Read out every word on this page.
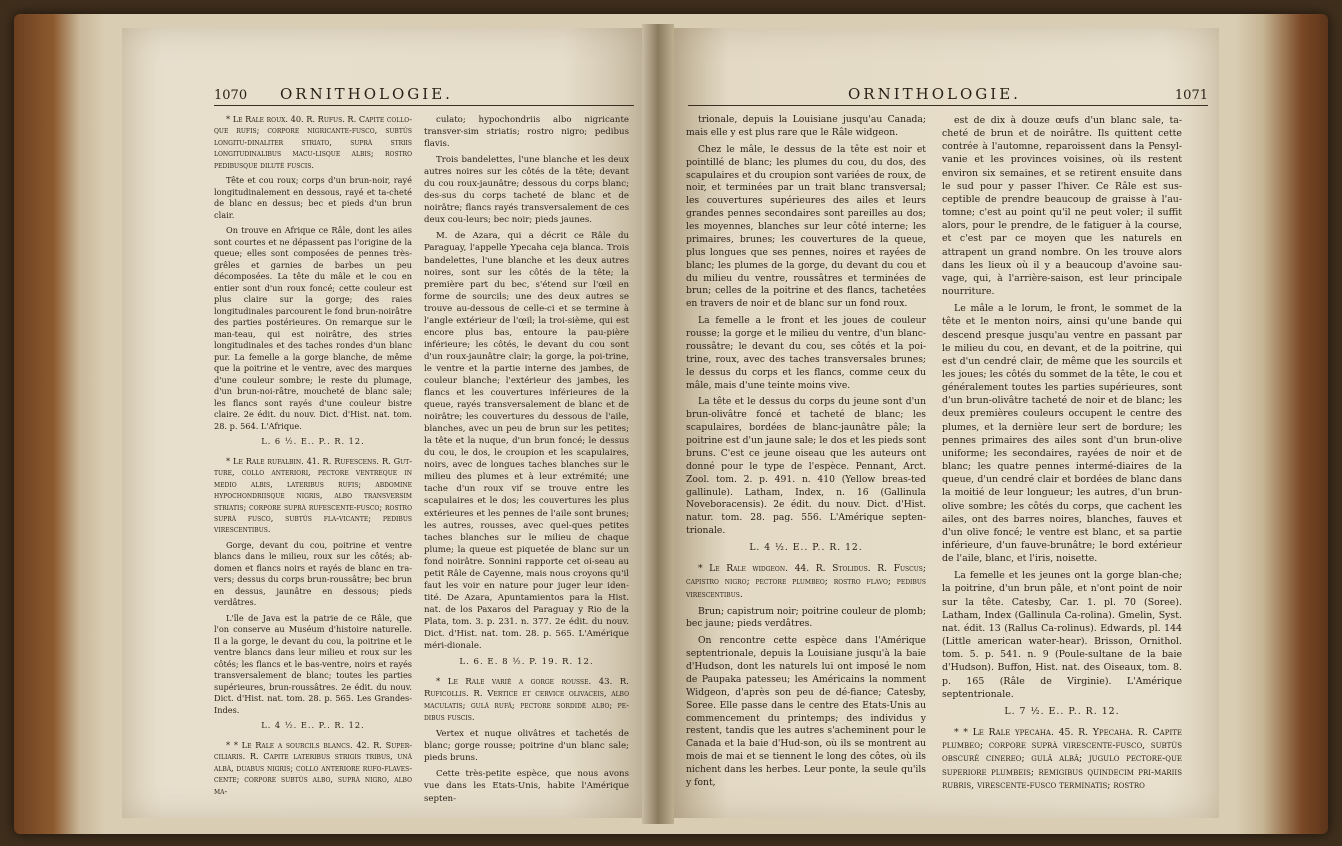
1070 ORNITHOLOGIE.

* Le Rale roux. 40. R. Rufus. R. Capite collo-que rufis; corpore nigricante-fusco, subtùs longitu-dinaliter striato, suprà striis longitudinalibus macu-lisque albis; rostro pedibusque dilutè fuscis.

Tête et cou roux; corps d'un brun-noir, rayé longitudinalement en dessous, rayé et ta-cheté de blanc en dessus; bec et pieds d'un brun clair.

On trouve en Afrique ce Râle, dont les ailes sont courtes et ne dépassent pas l'origine de la queue; elles sont composées de pennes très-grêles et garnies de barbes un peu décomposées. La tête du mâle et le cou en entier sont d'un roux foncé; cette couleur est plus claire sur la gorge; des raies longitudinales parcourent le fond brun-noirâtre des parties postérieures. On remarque sur le man-teau, qui est noirâtre, des stries longitudinales et des taches rondes d'un blanc pur. La femelle a la gorge blanche, de même que la poitrine et le ventre, avec des marques d'une couleur sombre; le reste du plumage, d'un brun-noi-râtre, moucheté de blanc sale; les flancs sont rayés d'une couleur bistre claire. 2e édit. du nouv. Dict. d'Hist. nat. tom. 28. p. 564. L'Afrique.

L. 6 ½. E.. P.. R. 12.

* Le Rale rufalbin. 41. R. Rufescens. R. Gut-ture, collo anteriori, pectore ventreque in medio albis, lateribus rufis; abdomine hypochondriisque nigris, albo transversim striatis; corpore suprà rufescente-fusco; rostro suprà fusco, subtùs fla-vicante; pedibus virescentibus.

Gorge, devant du cou, poitrine et ventre blancs dans le milieu, roux sur les côtés; ab-domen et flancs noirs et rayés de blanc en tra-vers; dessus du corps brun-roussâtre; bec brun en dessus, jaunâtre en dessous; pieds verdâtres.

L'île de Java est la patrie de ce Râle, que l'on conserve au Muséum d'histoire naturelle. Il a la gorge, le devant du cou, la poitrine et le ventre blancs dans leur milieu et roux sur les côtés; les flancs et le bas-ventre, noirs et rayés transversalement de blanc; toutes les parties supérieures, brun-roussâtres. 2e édit. du nouv. Dict. d'Hist. nat. tom. 28. p. 565. Les Grandes-Indes.

L. 4 ½. E.. P.. R. 12.

* * Le Rale a sourcils blancs. 42. R. Super-ciliaris. R. Capite lateribus strigis tribus, unâ albâ, duabus nigris; collo anteriore rufo-flaves-cente; corpore subtùs albo, suprà nigro, albo ma-

culato; hypochondriis albo nigricante transver-sim striatis; rostro nigro; pedibus flavis.

Trois bandelettes, l'une blanche et les deux autres noires sur les côtés de la tête; devant du cou roux-jaunâtre; dessous du corps blanc; des-sus du corps tacheté de blanc et de noirâtre; flancs rayés transversalement de ces deux cou-leurs; bec noir; pieds jaunes.

M. de Azara, qui a décrit ce Râle du Paraguay, l'appelle Ypecaha ceja blanca. Trois bandelettes, l'une blanche et les deux autres noires, sont sur les côtés de la tête; la première part du bec, s'étend sur l'œil en forme de sourcils; une des deux autres se trouve au-dessous de celle-ci et se termine à l'angle extérieur de l'œil; la troi-sième, qui est encore plus bas, entoure la pau-pière inférieure; les côtés, le devant du cou sont d'un roux-jaunâtre clair; la gorge, la poi-trine, le ventre et la partie interne des jambes, de couleur blanche; l'extérieur des jambes, les flancs et les couvertures inférieures de la queue, rayés transversalement de blanc et de noirâtre; les couvertures du dessous de l'aile, blanches, avec un peu de brun sur les petites; la tête et la nuque, d'un brun foncé; le dessus du cou, le dos, le croupion et les scapulaires, noirs, avec de longues taches blanches sur le milieu des plumes et à leur extrémité; une tache d'un roux vif se trouve entre les scapulaires et le dos; les couvertures les plus extérieures et les pennes de l'aile sont brunes; les autres, rousses, avec quel-ques petites taches blanches sur le milieu de chaque plume; la queue est piquetée de blanc sur un fond noirâtre. Sonnini rapporte cet oi-seau au petit Râle de Cayenne, mais nous croyons qu'il faut les voir en nature pour juger leur iden-tité. De Azara, Apuntamientos para la Hist. nat. de los Paxaros del Paraguay y Rio de la Plata, tom. 3. p. 231. n. 377. 2e édit. du nouv. Dict. d'Hist. nat. tom. 28. p. 565. L'Amérique méri-dionale.

L. 6. E. 8 ½. P. 19. R. 12.

* Le Rale varié a gorge rousse. 43. R. Ruficollis. R. Vertice et cervice olivaceis, albo maculatis; gulâ rufâ; pectore sordidè albo; pe-dibus fuscis.

Vertex et nuque olivâtres et tachetés de blanc; gorge rousse; poitrine d'un blanc sale; pieds bruns.

Cette très-petite espèce, que nous avons vue dans les Etats-Unis, habite l'Amérique septen-

ORNITHOLOGIE.	1071

trionale, depuis la Louisiane jusqu'au Canada; mais elle y est plus rare que le Râle widgeon.

Chez le mâle, le dessus de la tête est noir et pointillé de blanc; les plumes du cou, du dos, des scapulaires et du croupion sont variées de roux, de noir, et terminées par un trait blanc transversal; les couvertures supérieures des ailes et leurs grandes pennes secondaires sont pareilles au dos; les moyennes, blanches sur leur côté interne; les primaires, brunes; les couvertures de la queue, plus longues que ses pennes, noires et rayées de blanc; les plumes de la gorge, du devant du cou et du milieu du ventre, roussâtres et terminées de brun; celles de la poitrine et des flancs, tachetées en travers de noir et de blanc sur un fond roux.

La femelle a le front et les joues de couleur rousse; la gorge et le milieu du ventre, d'un blanc-roussâtre; le devant du cou, ses côtés et la poi-trine, roux, avec des taches transversales brunes; le dessus du corps et les flancs, comme ceux du mâle, mais d'une teinte moins vive.

La tête et le dessus du corps du jeune sont d'un brun-olivâtre foncé et tacheté de blanc; les scapulaires, bordées de blanc-jaunâtre pâle; la poitrine est d'un jaune sale; le dos et les pieds sont bruns. C'est ce jeune oiseau que les auteurs ont donné pour le type de l'espèce. Pennant, Arct. Zool. tom. 2. p. 491. n. 410 (Yellow breas-ted gallinule). Latham, Index, n. 16 (Gallinula Noveboracensis). 2e édit. du nouv. Dict. d'Hist. natur. tom. 28. pag. 556. L'Amérique septen-trionale.

L. 4 ½. E.. P.. R. 12.

* Le Rale widgeon. 44. R. Stolidus. R. Fuscus; capistro nigro; pectore plumbeo; rostro flavo; pedibus virescentibus.

Brun; capistrum noir; poitrine couleur de plomb; bec jaune; pieds verdâtres.

On rencontre cette espèce dans l'Amérique septentrionale, depuis la Louisiane jusqu'à la baie d'Hudson, dont les naturels lui ont imposé le nom de Paupaka patesseu; les Américains la nomment Widgeon, d'après son peu de dé-fiance; Catesby, Soree. Elle passe dans le centre des Etats-Unis au commencement du printemps; des individus y restent, tandis que les autres s'acheminent pour le Canada et la baie d'Hud-son, où ils se montrent au mois de mai et se tiennent le long des côtes, où ils nichent dans les herbes. Leur ponte, la seule qu'ils y font,

est de dix à douze œufs d'un blanc sale, ta-cheté de brun et de noirâtre. Ils quittent cette contrée à l'automne, reparoissent dans la Pensyl-vanie et les provinces voisines, où ils restent environ six semaines, et se retirent ensuite dans le sud pour y passer l'hiver. Ce Râle est sus-ceptible de prendre beaucoup de graisse à l'au-tomne; c'est au point qu'il ne peut voler; il suffit alors, pour le prendre, de le fatiguer à la course, et c'est par ce moyen que les naturels en attrapent un grand nombre. On les trouve alors dans les lieux où il y a beaucoup d'avoine sau-vage, qui, à l'arrière-saison, est leur principale nourriture.

Le mâle a le lorum, le front, le sommet de la tête et le menton noirs, ainsi qu'une bande qui descend presque jusqu'au ventre en passant par le milieu du cou, en devant, et de la poitrine, qui est d'un cendré clair, de même que les sourcils et les joues; les côtés du sommet de la tête, le cou et généralement toutes les parties supérieures, sont d'un brun-olivâtre tacheté de noir et de blanc; les deux premières couleurs occupent le centre des plumes, et la dernière leur sert de bordure; les pennes primaires des ailes sont d'un brun-olive uniforme; les secondaires, rayées de noir et de blanc; les quatre pennes intermé-diaires de la queue, d'un cendré clair et bordées de blanc dans la moitié de leur longueur; les autres, d'un brun-olive sombre; les côtés du corps, que cachent les ailes, ont des barres noires, blanches, fauves et d'un olive foncé; le ventre est blanc, et sa partie inférieure, d'un fauve-brunâtre; le bord extérieur de l'aile, blanc, et l'iris, noisette.

La femelle et les jeunes ont la gorge blan-che; la poitrine, d'un brun pâle, et n'ont point de noir sur la tête. Catesby, Car. 1. pl. 70 (Soree). Latham, Index (Gallinula Ca-rolina). Gmelin, Syst. nat. édit. 13 (Rallus Ca-rolinus). Edwards, pl. 144 (Little american water-hear). Brisson, Ornithol. tom. 5. p. 541. n. 9 (Poule-sultane de la baie d'Hudson). Buffon, Hist. nat. des Oiseaux, tom. 8. p. 165 (Râle de Virginie). L'Amérique septentrionale.

L. 7 ½. E.. P.. R. 12.

* * Le Rale ypecaha. 45. R. Ypecaha. R. Capite plumbeo; corpore suprà virescente-fusco, subtùs obscurè cinereo; gulâ albâ; jugulo pectore-que superiore plumbeis; remigibus quindecim pri-mariis rubris, virescente-fusco terminatis; rostro
